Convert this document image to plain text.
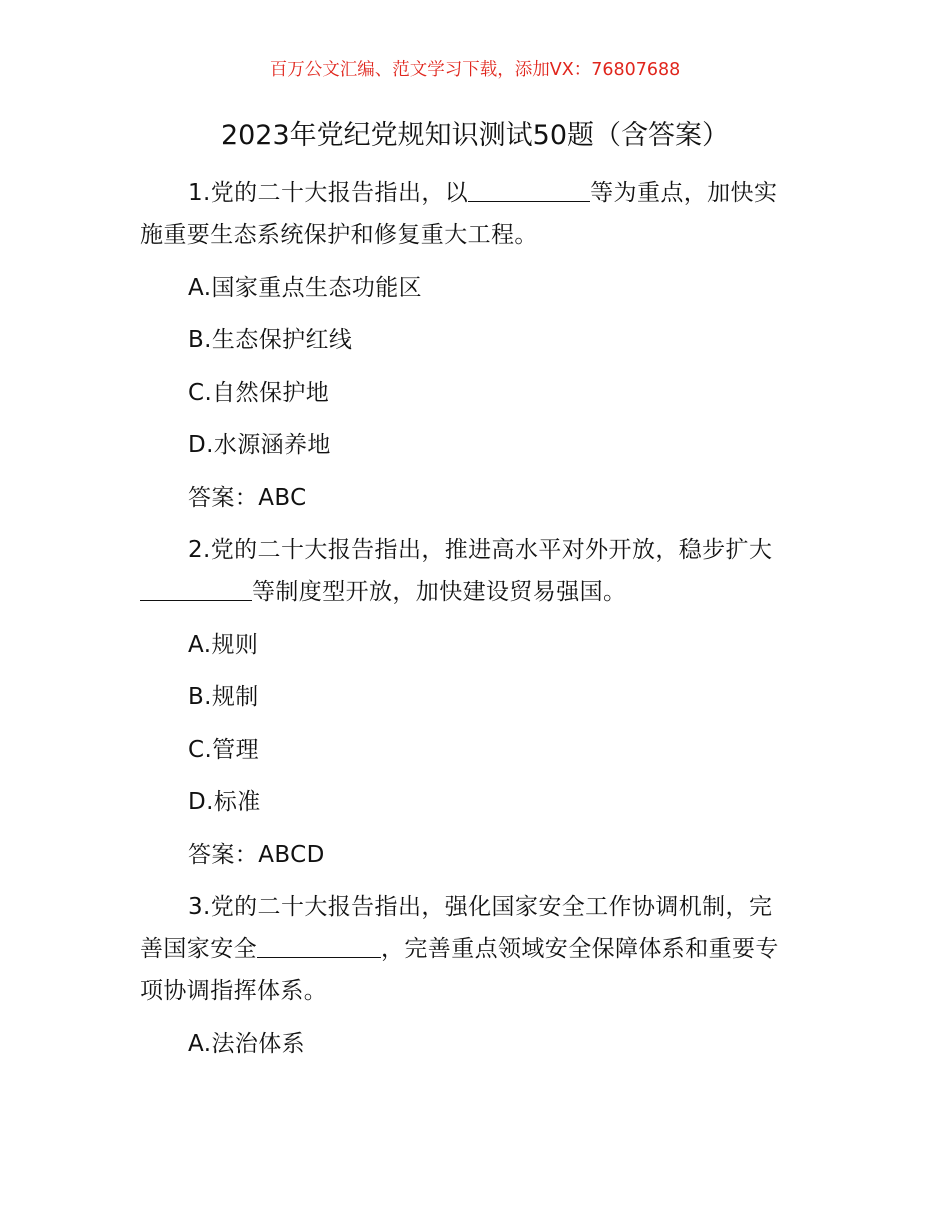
百万公文汇编、范文学习下载，添加VX：76807688
2023年党纪党规知识测试50题（含答案）
1.党的二十大报告指出，以	等为重点，加快实
施重要生态系统保护和修复重大工程。
A.国家重点生态功能区
B.生态保护红线
C.自然保护地
D.水源涵养地
答案：ABC
2.党的二十大报告指出，推进高水平对外开放，稳步扩大
等制度型开放，加快建设贸易强国。
A.规则
B.规制
C.管理
D.标准
答案：ABCD
3.党的二十大报告指出，强化国家安全工作协调机制，完
善国家安全	，完善重点领域安全保障体系和重要专
项协调指挥体系。
A.法治体系
